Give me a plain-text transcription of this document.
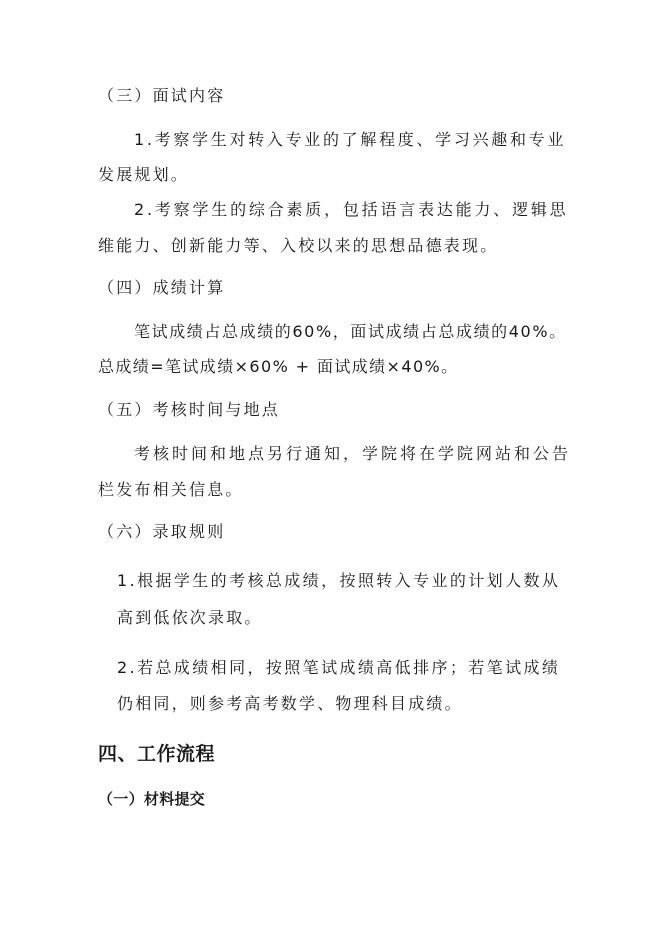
（三）面试内容
1.考察学生对转入专业的了解程度、学习兴趣和专业
发展规划。
2.考察学生的综合素质，包括语言表达能力、逻辑思
维能力、创新能力等、入校以来的思想品德表现。
（四）成绩计算
笔试成绩占总成绩的60%，面试成绩占总成绩的40%。
总成绩=笔试成绩×60% + 面试成绩×40%。
（五）考核时间与地点
考核时间和地点另行通知，学院将在学院网站和公告
栏发布相关信息。
（六）录取规则
1.根据学生的考核总成绩，按照转入专业的计划人数从
高到低依次录取。
2.若总成绩相同，按照笔试成绩高低排序；若笔试成绩
仍相同，则参考高考数学、物理科目成绩。
四、工作流程
（一）材料提交
